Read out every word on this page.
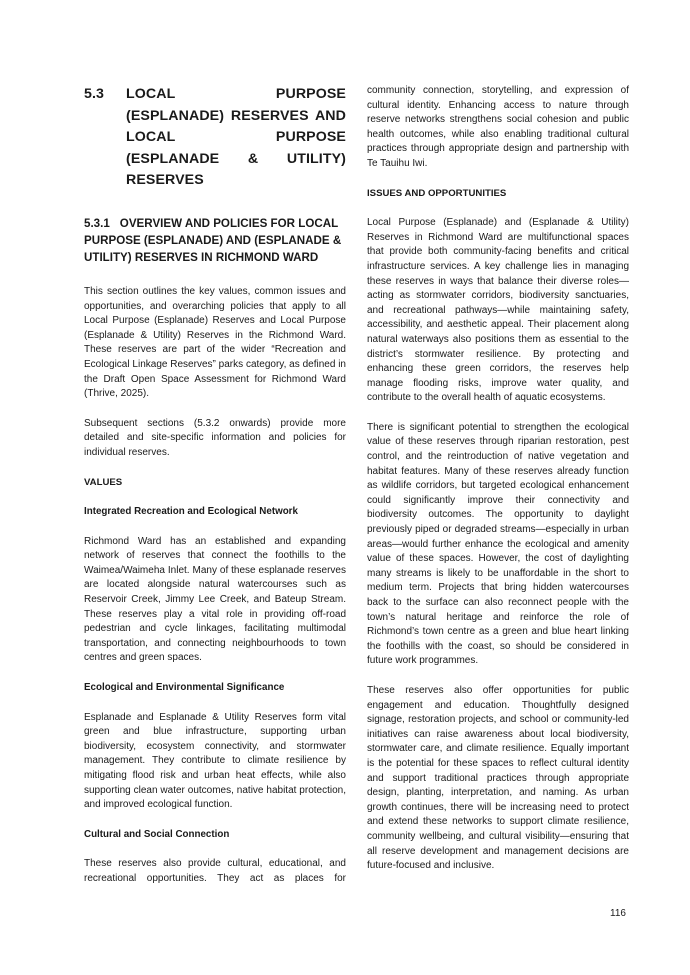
5.3 LOCAL PURPOSE (ESPLANADE) RESERVES AND LOCAL PURPOSE (ESPLANADE & UTILITY) RESERVES
5.3.1 OVERVIEW AND POLICIES FOR LOCAL PURPOSE (ESPLANADE) AND (ESPLANADE & UTILITY) RESERVES IN RICHMOND WARD

This section outlines the key values, common issues and opportunities, and overarching policies that apply to all Local Purpose (Esplanade) Reserves and Local Purpose (Esplanade & Utility) Reserves in the Richmond Ward. These reserves are part of the wider “Recreation and Ecological Linkage Reserves” parks category, as defined in the Draft Open Space Assessment for Richmond Ward (Thrive, 2025).

Subsequent sections (5.3.2 onwards) provide more detailed and site-specific information and policies for individual reserves.

VALUES

Integrated Recreation and Ecological Network

Richmond Ward has an established and expanding network of reserves that connect the foothills to the Waimea/Waimeha Inlet. Many of these esplanade reserves are located alongside natural watercourses such as Reservoir Creek, Jimmy Lee Creek, and Bateup Stream. These reserves play a vital role in providing off-road pedestrian and cycle linkages, facilitating multimodal transportation, and connecting neighbourhoods to town centres and green spaces.

Ecological and Environmental Significance

Esplanade and Esplanade & Utility Reserves form vital green and blue infrastructure, supporting urban biodiversity, ecosystem connectivity, and stormwater management. They contribute to climate resilience by mitigating flood risk and urban heat effects, while also supporting clean water outcomes, native habitat protection, and improved ecological function.

Cultural and Social Connection

These reserves also provide cultural, educational, and recreational opportunities. They act as places for

community connection, storytelling, and expression of cultural identity. Enhancing access to nature through reserve networks strengthens social cohesion and public health outcomes, while also enabling traditional cultural practices through appropriate design and partnership with Te Tauihu Iwi.

ISSUES AND OPPORTUNITIES

Local Purpose (Esplanade) and (Esplanade & Utility) Reserves in Richmond Ward are multifunctional spaces that provide both community-facing benefits and critical infrastructure services. A key challenge lies in managing these reserves in ways that balance their diverse roles—acting as stormwater corridors, biodiversity sanctuaries, and recreational pathways—while maintaining safety, accessibility, and aesthetic appeal. Their placement along natural waterways also positions them as essential to the district’s stormwater resilience. By protecting and enhancing these green corridors, the reserves help manage flooding risks, improve water quality, and contribute to the overall health of aquatic ecosystems.

There is significant potential to strengthen the ecological value of these reserves through riparian restoration, pest control, and the reintroduction of native vegetation and habitat features. Many of these reserves already function as wildlife corridors, but targeted ecological enhancement could significantly improve their connectivity and biodiversity outcomes. The opportunity to daylight previously piped or degraded streams—especially in urban areas—would further enhance the ecological and amenity value of these spaces. However, the cost of daylighting many streams is likely to be unaffordable in the short to medium term. Projects that bring hidden watercourses back to the surface can also reconnect people with the town’s natural heritage and reinforce the role of Richmond’s town centre as a green and blue heart linking the foothills with the coast, so should be considered in future work programmes.

These reserves also offer opportunities for public engagement and education. Thoughtfully designed signage, restoration projects, and school or community-led initiatives can raise awareness about local biodiversity, stormwater care, and climate resilience. Equally important is the potential for these spaces to reflect cultural identity and support traditional practices through appropriate design, planting, interpretation, and naming. As urban growth continues, there will be increasing need to protect and extend these networks to support climate resilience, community wellbeing, and cultural visibility—ensuring that all reserve development and management decisions are future-focused and inclusive.

116
